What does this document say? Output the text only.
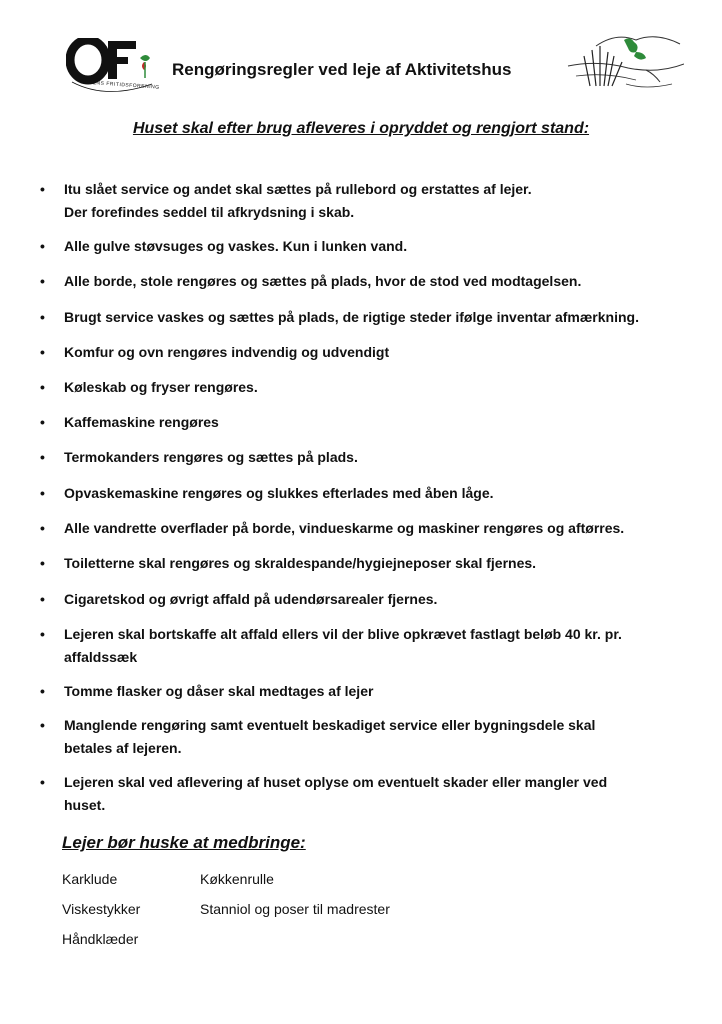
ODDENS FRITIDSFORENING
Rengøringsregler ved leje af Aktivitetshus
Huset skal efter brug afleveres i opryddet og rengjort stand:
• Itu slået service og andet skal sættes på rullebord og erstattes af lejer.
Der forefindes seddel til afkrydsning i skab.
• Alle gulve støvsuges og vaskes. Kun i lunken vand.
• Alle borde, stole rengøres og sættes på plads, hvor de stod ved modtagelsen.
• Brugt service vaskes og sættes på plads, de rigtige steder ifølge inventar afmærkning.
• Komfur og ovn rengøres indvendig og udvendigt
• Køleskab og fryser rengøres.
• Kaffemaskine rengøres
• Termokanders rengøres og sættes på plads.
• Opvaskemaskine rengøres og slukkes efterlades med åben låge.
• Alle vandrette overflader på borde, vindueskarme og maskiner rengøres og aftørres.
• Toiletterne skal rengøres og skraldespande/hygiejneposer skal fjernes.
• Cigaretskod og øvrigt affald på udendørsarealer fjernes.
• Lejeren skal bortskaffe alt affald ellers vil der blive opkrævet fastlagt beløb 40 kr. pr.
affaldssæk
• Tomme flasker og dåser skal medtages af lejer
• Manglende rengøring samt eventuelt beskadiget service eller bygningsdele skal
betales af lejeren.
• Lejeren skal ved aflevering af huset oplyse om eventuelt skader eller mangler ved
huset.
Lejer bør huske at medbringe:
Karklude	Køkkenrulle
Viskestykker	Stanniol og poser til madrester
Håndklæder
